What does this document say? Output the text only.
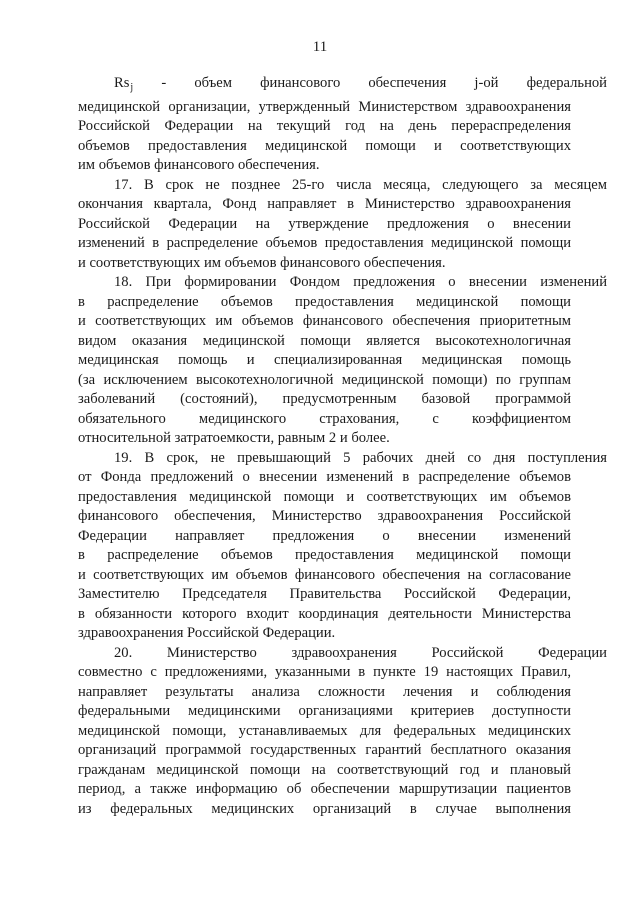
11
$Rs_j$ - объем финансового обеспечения j-ой федеральной
медицинской организации, утвержденный Министерством здравоохранения
Российской Федерации на текущий год на день перераспределения
объемов предоставления медицинской помощи и соответствующих
им объемов финансового обеспечения.
17. В срок не позднее 25-го числа месяца, следующего за месяцем
окончания квартала, Фонд направляет в Министерство здравоохранения
Российской Федерации на утверждение предложения о внесении
изменений в распределение объемов предоставления медицинской помощи
и соответствующих им объемов финансового обеспечения.
18. При формировании Фондом предложения о внесении изменений
в распределение объемов предоставления медицинской помощи
и соответствующих им объемов финансового обеспечения приоритетным
видом оказания медицинской помощи является высокотехнологичная
медицинская помощь и специализированная медицинская помощь
(за исключением высокотехнологичной медицинской помощи) по группам
заболеваний (состояний), предусмотренным базовой программой
обязательного медицинского страхования, с коэффициентом
относительной затратоемкости, равным 2 и более.
19. В срок, не превышающий 5 рабочих дней со дня поступления
от Фонда предложений о внесении изменений в распределение объемов
предоставления медицинской помощи и соответствующих им объемов
финансового обеспечения, Министерство здравоохранения Российской
Федерации направляет предложения о внесении изменений
в распределение объемов предоставления медицинской помощи
и соответствующих им объемов финансового обеспечения на согласование
Заместителю Председателя Правительства Российской Федерации,
в обязанности которого входит координация деятельности Министерства
здравоохранения Российской Федерации.
20. Министерство здравоохранения Российской Федерации
совместно с предложениями, указанными в пункте 19 настоящих Правил,
направляет результаты анализа сложности лечения и соблюдения
федеральными медицинскими организациями критериев доступности
медицинской помощи, устанавливаемых для федеральных медицинских
организаций программой государственных гарантий бесплатного оказания
гражданам медицинской помощи на соответствующий год и плановый
период, а также информацию об обеспечении маршрутизации пациентов
из федеральных медицинских организаций в случае выполнения
